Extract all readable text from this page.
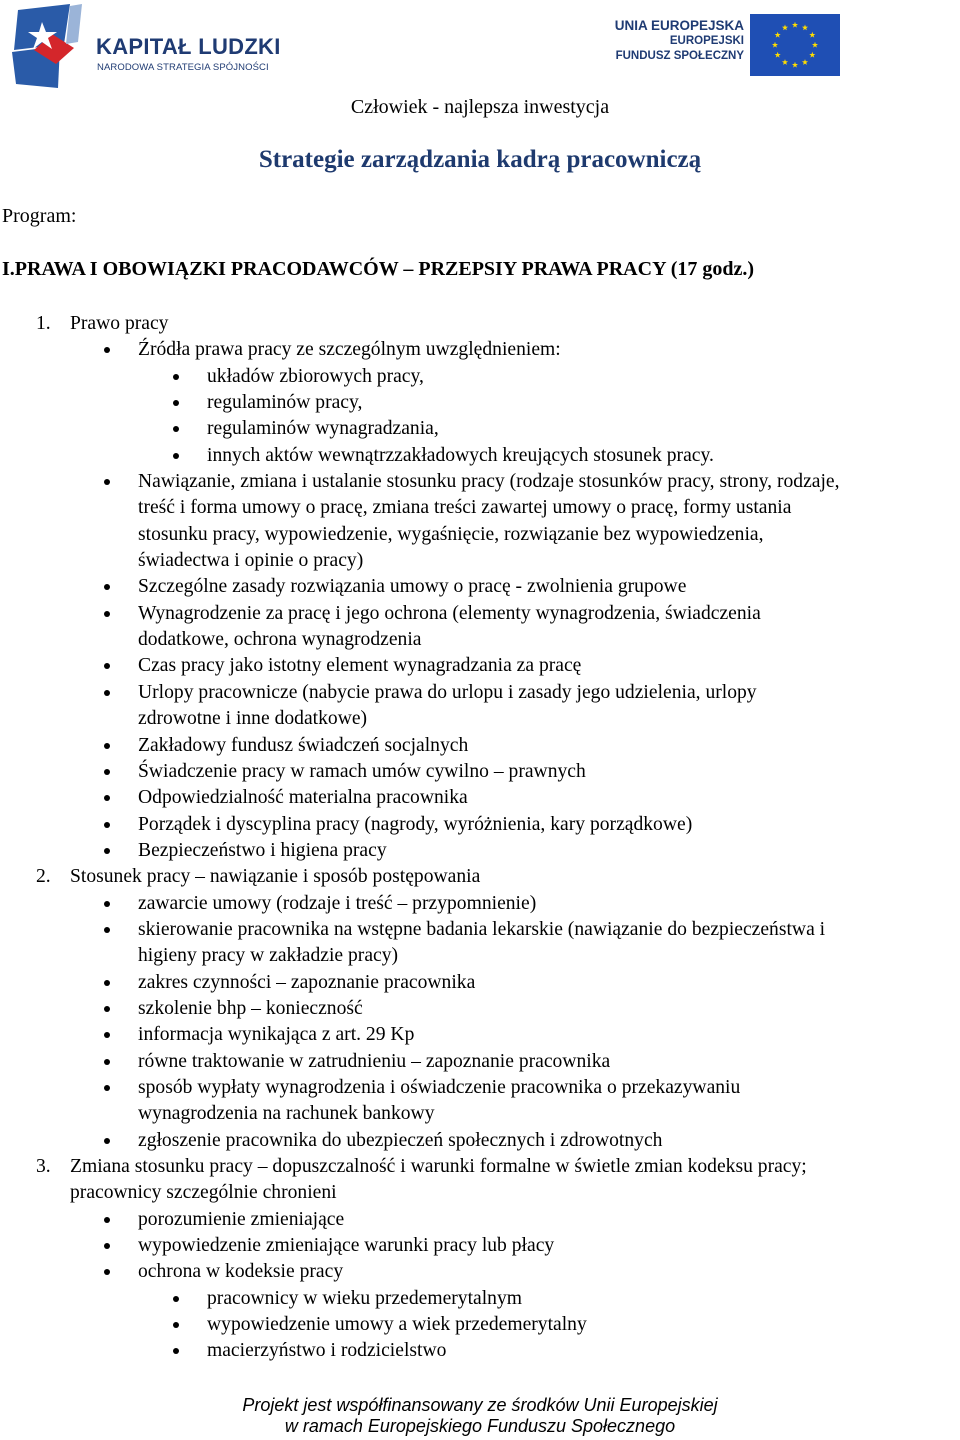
KAPITAŁ LUDZKI
NARODOWA STRATEGIA SPÓJNOŚCI
UNIA EUROPEJSKA
EUROPEJSKI
FUNDUSZ SPOŁECZNY
Człowiek - najlepsza inwestycja
Strategie zarządzania kadrą pracowniczą
Program:
I.PRAWA I OBOWIĄZKI PRACODAWCÓW – PRZEPSIY PRAWA PRACY (17 godz.)
1. Prawo pracy
Źródła prawa pracy ze szczególnym uwzględnieniem:
układów zbiorowych pracy,
regulaminów pracy,
regulaminów wynagradzania,
innych aktów wewnątrzzakładowych kreujących stosunek pracy.
Nawiązanie, zmiana i ustalanie stosunku pracy (rodzaje stosunków pracy, strony, rodzaje,
treść i forma umowy o pracę, zmiana treści zawartej umowy o pracę, formy ustania
stosunku pracy, wypowiedzenie, wygaśnięcie, rozwiązanie bez wypowiedzenia,
świadectwa i opinie o pracy)
Szczególne zasady rozwiązania umowy o pracę - zwolnienia grupowe
Wynagrodzenie za pracę i jego ochrona (elementy wynagrodzenia, świadczenia
dodatkowe, ochrona wynagrodzenia
Czas pracy jako istotny element wynagradzania za pracę
Urlopy pracownicze (nabycie prawa do urlopu i zasady jego udzielenia, urlopy
zdrowotne i inne dodatkowe)
Zakładowy fundusz świadczeń socjalnych
Świadczenie pracy w ramach umów cywilno – prawnych
Odpowiedzialność materialna pracownika
Porządek i dyscyplina pracy (nagrody, wyróżnienia, kary porządkowe)
Bezpieczeństwo i higiena pracy
2. Stosunek pracy – nawiązanie i sposób postępowania
zawarcie umowy (rodzaje i treść – przypomnienie)
skierowanie pracownika na wstępne badania lekarskie (nawiązanie do bezpieczeństwa i
higieny pracy w zakładzie pracy)
zakres czynności – zapoznanie pracownika
szkolenie bhp – konieczność
informacja wynikająca z art. 29 Kp
równe traktowanie w zatrudnieniu – zapoznanie pracownika
sposób wypłaty wynagrodzenia i oświadczenie pracownika o przekazywaniu
wynagrodzenia na rachunek bankowy
zgłoszenie pracownika do ubezpieczeń społecznych i zdrowotnych
3. Zmiana stosunku pracy – dopuszczalność i warunki formalne w świetle zmian kodeksu pracy;
pracownicy szczególnie chronieni
porozumienie zmieniające
wypowiedzenie zmieniające warunki pracy lub płacy
ochrona w kodeksie pracy
pracownicy w wieku przedemerytalnym
wypowiedzenie umowy a wiek przedemerytalny
macierzyństwo i rodzicielstwo
Projekt jest współfinansowany ze środków Unii Europejskiej
w ramach Europejskiego Funduszu Społecznego
